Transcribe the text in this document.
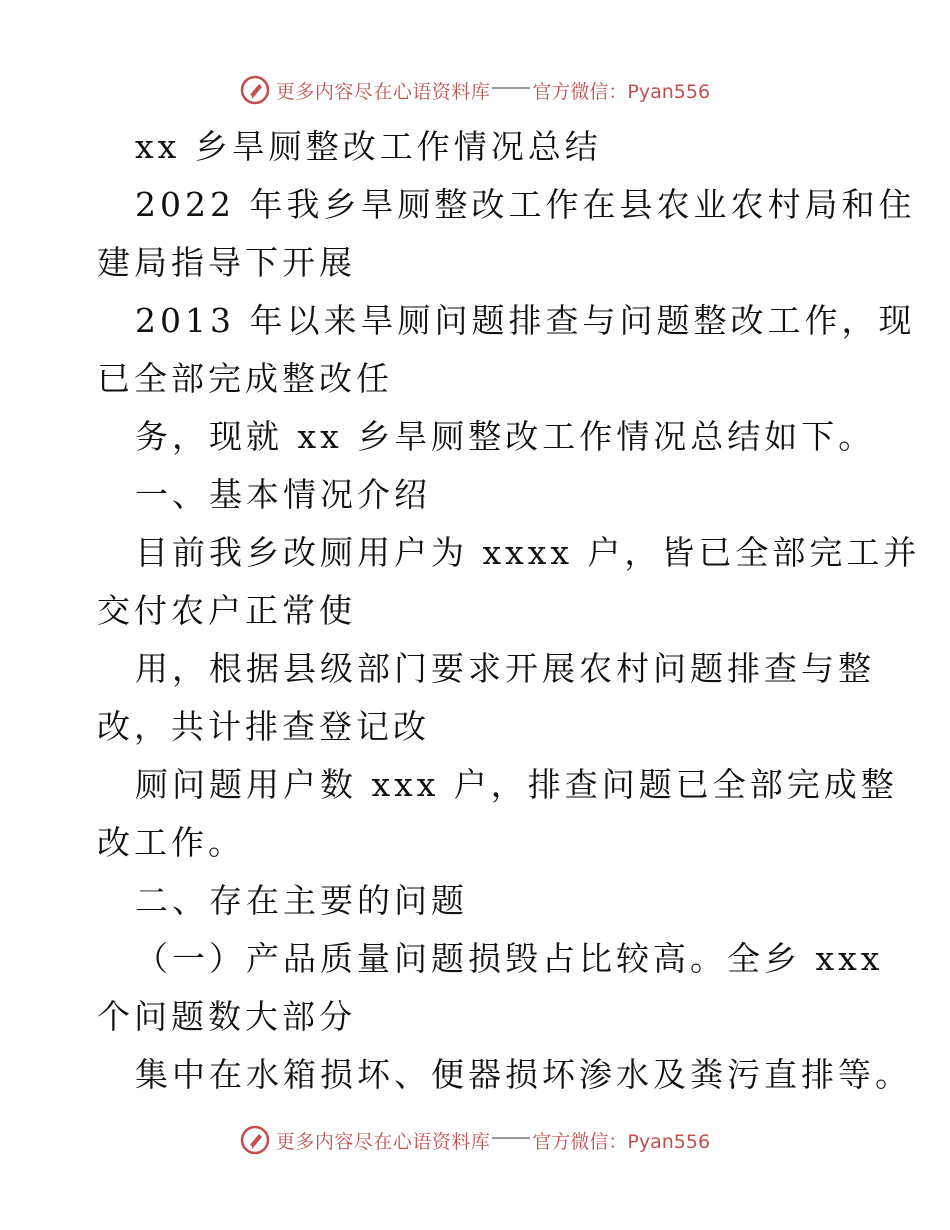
更多内容尽在心语资料库 官方微信：Pyan556
xx 乡旱厕整改工作情况总结
2022 年我乡旱厕整改工作在县农业农村局和住
建局指导下开展
2013 年以来旱厕问题排查与问题整改工作，现
已全部完成整改任
务，现就 xx 乡旱厕整改工作情况总结如下。
一、基本情况介绍
目前我乡改厕用户为 xxxx 户，皆已全部完工并
交付农户正常使
用，根据县级部门要求开展农村问题排查与整
改，共计排查登记改
厕问题用户数 xxx 户，排查问题已全部完成整
改工作。
二、存在主要的问题
（一）产品质量问题损毁占比较高。全乡 xxx
个问题数大部分
集中在水箱损坏、便器损坏渗水及粪污直排等。
更多内容尽在心语资料库 官方微信：Pyan556
